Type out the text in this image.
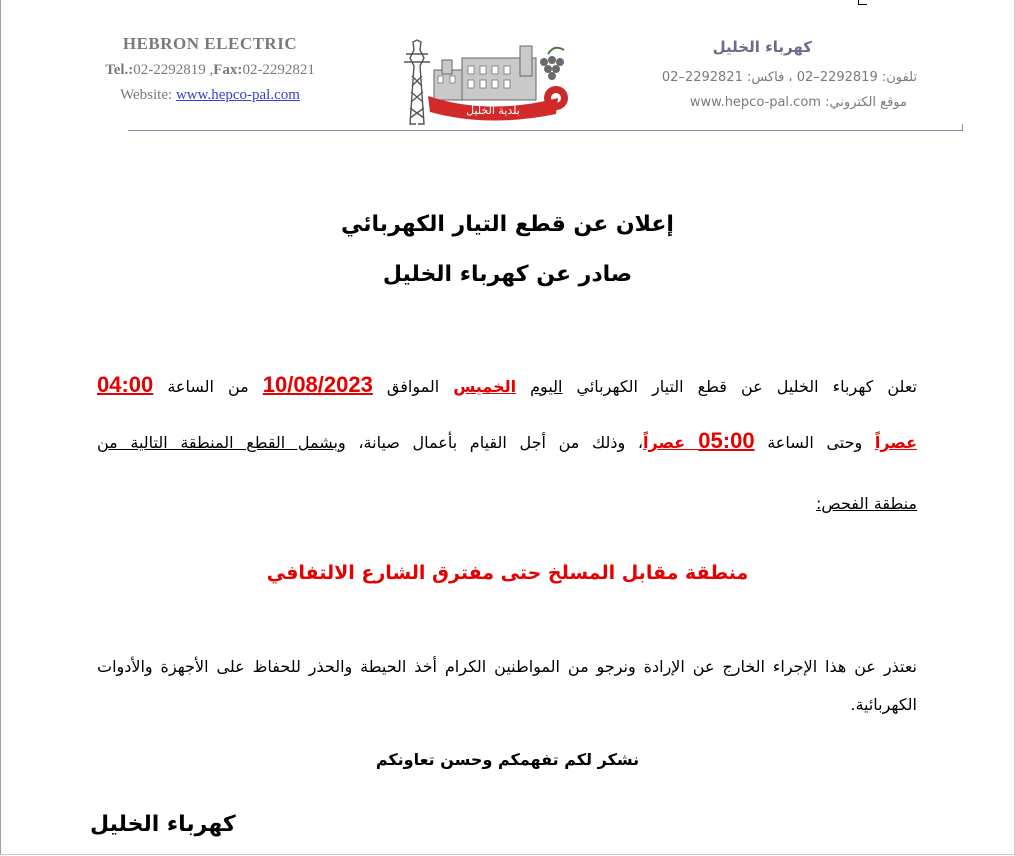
HEBRON ELECTRIC
Tel.:02-2292819 ,Fax:02-2292821
Website: www.hepco-pal.com
بلدية الخليل
كهرباء الخليل
تلفون: 2292819–02 ، فاكس: 2292821–02
موقع الكتروني: www.hepco-pal.com
إعلان عن قطع التيار الكهربائي
صادر عن كهرباء الخليل
تعلن كهرباء الخليل عن قطع التيار الكهربائي اليوم الخميس الموافق 10/08/2023 من الساعة 04:00
عصراً وحتى الساعة 05:00 عصراً، وذلك من أجل القيام بأعمال صيانة، وبشمل القطع المنطقة التالية من
منطقة الفحص:
منطقة مقابل المسلخ حتى مفترق الشارع الالتفافي
نعتذر عن هذا الإجراء الخارج عن الإرادة ونرجو من المواطنين الكرام أخذ الحيطة والحذر للحفاظ على الأجهزة والأدوات الكهربائية.
نشكر لكم تفهمكم وحسن تعاونكم
كهرباء الخليل
